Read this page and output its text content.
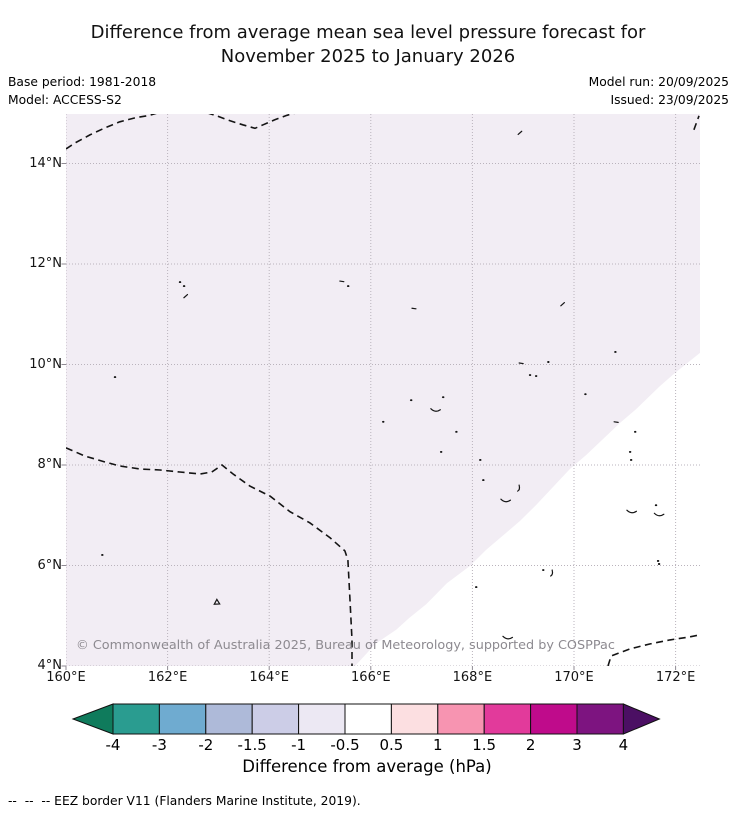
Difference from average mean sea level pressure forecast for
November 2025 to January 2026
Base period: 1981-2018
Model: ACCESS-S2
Model run: 20/09/2025
Issued: 23/09/2025
© Commonwealth of Australia 2025, Bureau of Meteorology, supported by COSPPac
Difference from average (hPa)
--  --  -- EEZ border V11 (Flanders Marine Institute, 2019).
160°E	162°E	164°E	166°E	168°E	170°E	172°E
4°N
6°N
8°N
10°N
12°N
14°N
-4	-3	-2	-1.5	-1	-0.5	0.5	1	1.5	2	3	4
